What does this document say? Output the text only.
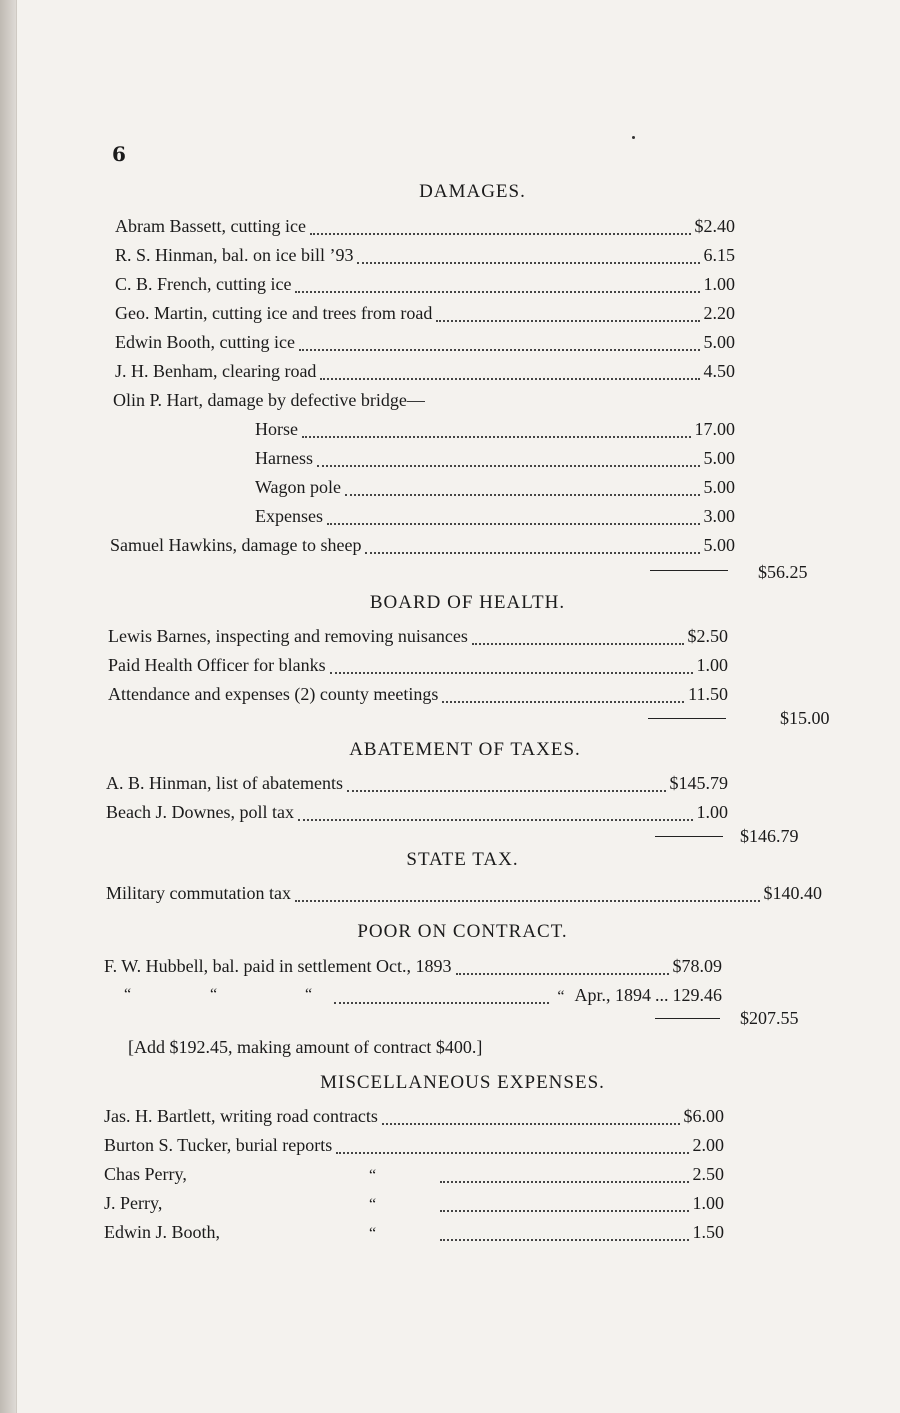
6
DAMAGES.
Abram Bassett, cutting ice	$2.40
R. S. Hinman, bal. on ice bill ’93	6.15
C. B. French, cutting ice	1.00
Geo. Martin, cutting ice and trees from road	2.20
Edwin Booth, cutting ice	5.00
J. H. Benham, clearing road	4.50
Olin P. Hart, damage by defective bridge—
Horse	17.00
Harness	5.00
Wagon pole	5.00
Expenses	3.00
Samuel Hawkins, damage to sheep	5.00
$56.25
BOARD OF HEALTH.
Lewis Barnes, inspecting and removing nuisances	$2.50
Paid Health Officer for blanks	1.00
Attendance and expenses (2) county meetings	11.50
$15.00
ABATEMENT OF TAXES.
A. B. Hinman, list of abatements	$145.79
Beach J. Downes, poll tax	1.00
$146.79
STATE TAX.
Military commutation tax	$140.40
POOR ON CONTRACT.
F. W. Hubbell, bal. paid in settlement Oct., 1893	$78.09
“	“	“	“ Apr., 1894 ... 129.46
$207.55
[Add $192.45, making amount of contract $400.]
MISCELLANEOUS EXPENSES.
Jas. H. Bartlett, writing road contracts	$6.00
Burton S. Tucker, burial reports	2.00
Chas Perry,	“	2.50
J. Perry,	“	1.00
Edwin J. Booth,	“	1.50
